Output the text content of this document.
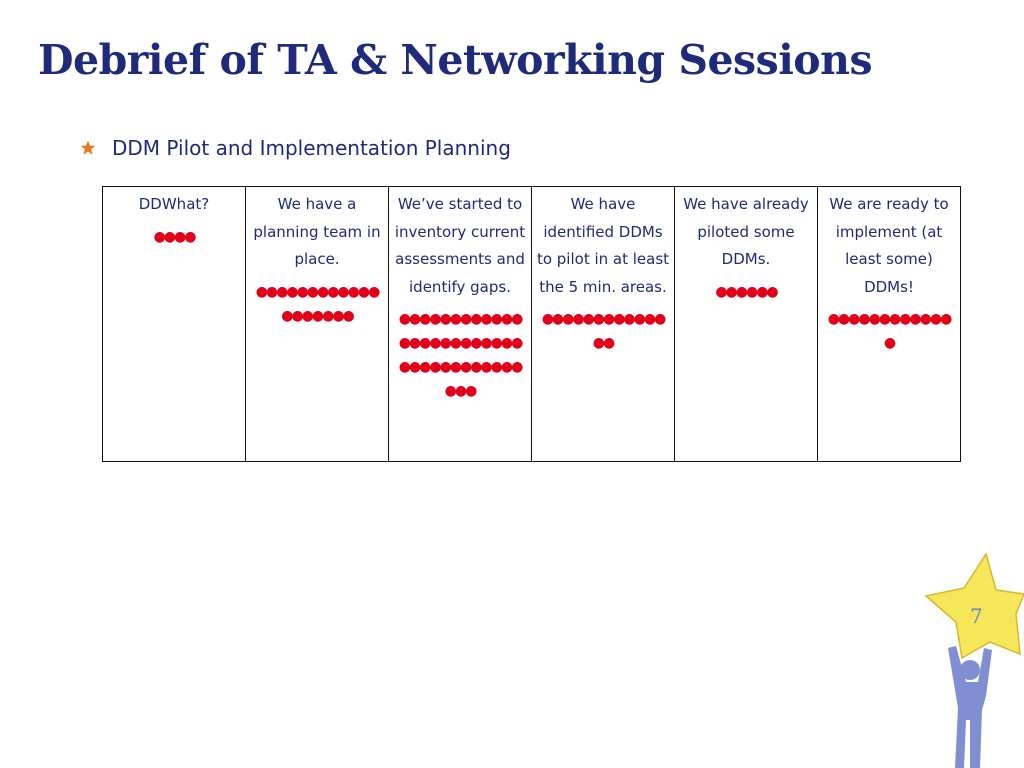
Debrief of TA & Networking Sessions
DDM Pilot and Implementation Planning
DDWhat?
●●●●

We have a planning team in place.
●●●●●●●●●●●●●●●●●●●

We’ve started to inventory current assessments and identify gaps.
●●●●●●●●●●●●●●●●●●●●●●●●●●●●●●●●●●●●●●●

We have identified DDMs to pilot in at least the 5 min. areas.
●●●●●●●●●●●●●●

We have already piloted some DDMs.
●●●●●●

We are ready to implement (at least some) DDMs!
●●●●●●●●●●●●●
7
